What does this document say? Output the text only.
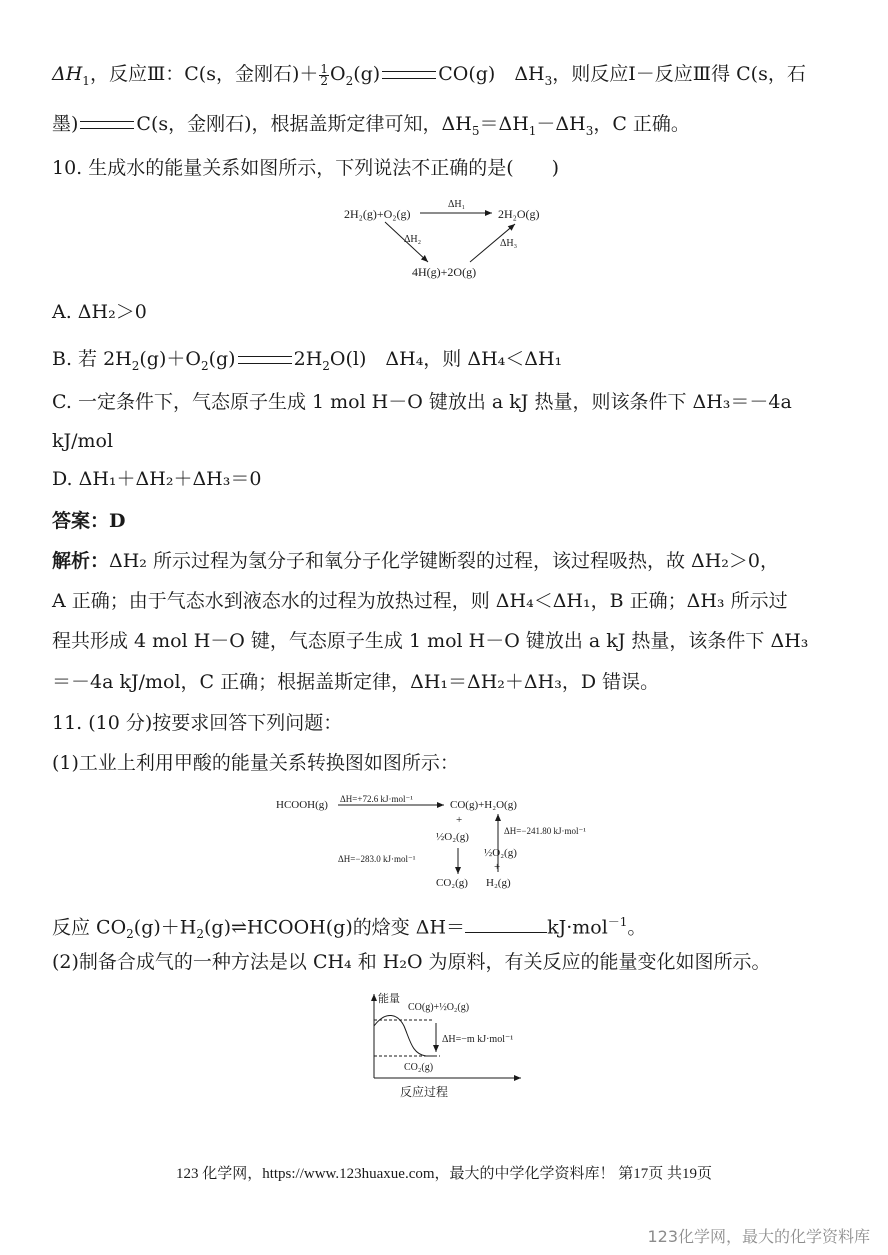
$\Delta H_1$，反应Ⅲ：C(s，金刚石)＋ $\frac{1}{2} O_2(g)$	CO(g)　$\Delta H_3$，则反应Ⅰ－反应Ⅲ得 C(s，石
墨)	C(s，金刚石)，根据盖斯定律可知，$\Delta H_5=\Delta H_1-\Delta H_3$，C 正确。
10. 生成水的能量关系如图所示，下列说法不正确的是(　　)
2H₂(g)+O₂(g)	2H₂O(g)
4H(g)+2O(g)
ΔH₁
ΔH₂	ΔH₃
A. ΔH₂＞0
B. 若 $2H_2(g)+O_2(g)$	$2H_2O(l)$　ΔH₄，则 ΔH₄＜ΔH₁
C. 一定条件下，气态原子生成 1 mol H－O 键放出 a kJ 热量，则该条件下 ΔH₃＝－4a
kJ/mol
D. ΔH₁＋ΔH₂＋ΔH₃＝0
答案：D
解析：ΔH₂ 所示过程为氢分子和氧分子化学键断裂的过程，该过程吸热，故 ΔH₂＞0，
A 正确；由于气态水到液态水的过程为放热过程，则 ΔH₄＜ΔH₁，B 正确；ΔH₃ 所示过
程共形成 4 mol H－O 键，气态原子生成 1 mol H－O 键放出 a kJ 热量，该条件下 ΔH₃
＝－4a kJ/mol，C 正确；根据盖斯定律，ΔH₁＝ΔH₂＋ΔH₃，D 错误。
11. (10 分)按要求回答下列问题：
(1)工业上利用甲酸的能量关系转换图如图所示：
HCOOH(g) ΔH=+72.6 kJ·mol⁻¹	CO(g)+H₂O(g)
+
½O₂(g)
ΔH=−283.0 kJ·mol⁻¹
CO₂(g)
ΔH=−241.80 kJ·mol⁻¹
½O₂(g)
+
H₂(g)
反应 $CO_2(g)+H_2(g)\rightleftharpoons HCOOH(g)$的焓变 ΔH＝	kJ·mol$^{-1}$。
(2)制备合成气的一种方法是以 CH₄ 和 H₂O 为原料，有关反应的能量变化如图所示。
能量
CO(g)+½O₂(g)
ΔH=−m kJ·mol⁻¹
CO₂(g)
反应过程
123 化学网，https://www.123huaxue.com，最大的中学化学资料库！ 第17页 共19页
123化学网，最大的化学资料库
